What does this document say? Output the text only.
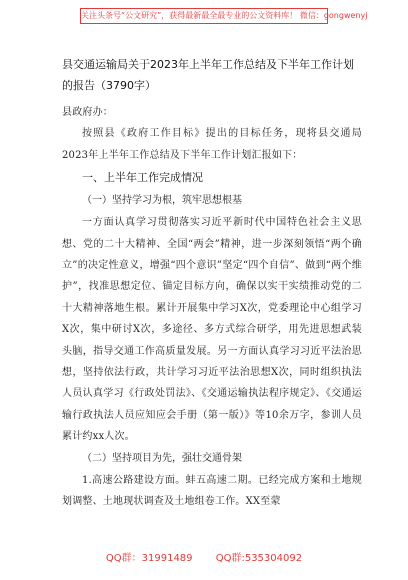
关注头条号“公文研究”，获得最新最全最专业的公文资料库！ 微信：gongwenyj

县交通运输局关于2023年上半年工作总结及下半年工作计划的报告（3790字）

县政府办：

按照县《政府工作目标》提出的目标任务，现将县交通局2023年上半年工作总结及下半年工作计划汇报如下：

一、上半年工作完成情况

（一）坚持学习为根，筑牢思想根基

一方面认真学习贯彻落实习近平新时代中国特色社会主义思想、党的二十大精神、全国“两会”精神，进一步深刻领悟“两个确立”的决定性意义，增强“四个意识”坚定“四个自信”、做到“两个维护”，找准思想定位、锚定目标方向，确保以实干实绩推动党的二十大精神落地生根。累计开展集中学习X次，党委理论中心组学习X次，集中研讨X次，多途径、多方式综合研学，用先进思想武装头脑，指导交通工作高质量发展。另一方面认真学习习近平法治思想，坚持依法行政，共计学习习近平法治思想X次，同时组织执法人员认真学习《行政处罚法》、《交通运输执法程序规定》、《交通运输行政执法人员应知应会手册（第一版）》等10余万字，参训人员累计约xx人次。

（二）坚持项目为先，强壮交通骨架

1.高速公路建设方面。蚌五高速二期。已经完成方案和土地规划调整、土地现状调查及土地组卷工作。XX至蒙

QQ群：31991489 QQ群:535304092
